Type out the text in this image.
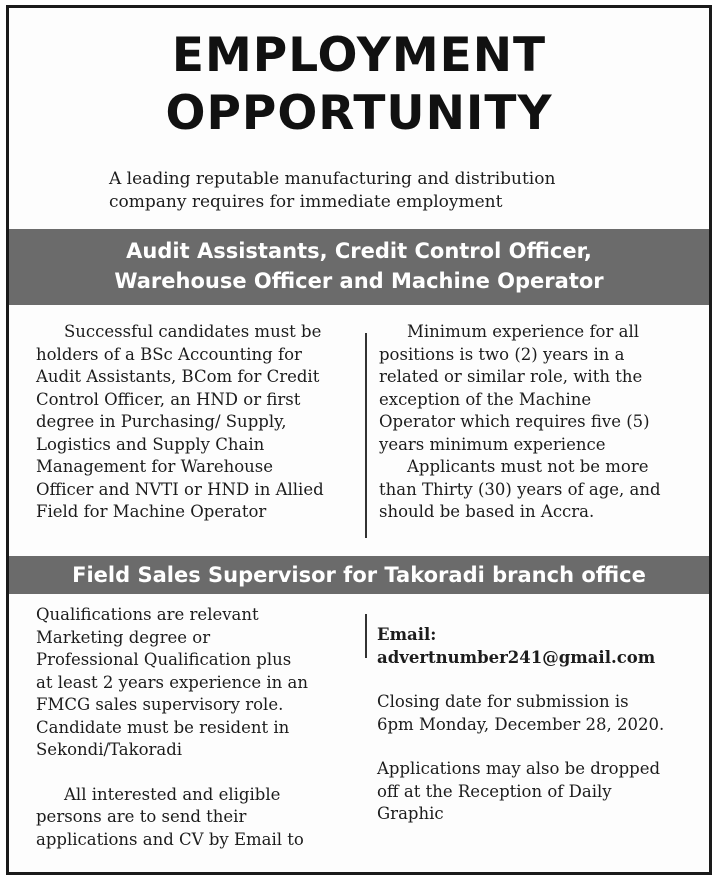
EMPLOYMENT
OPPORTUNITY
A leading reputable manufacturing and distribution
company requires for immediate employment
Audit Assistants, Credit Control Officer,
Warehouse Officer and Machine Operator
Successful candidates must be
holders of a BSc Accounting for
Audit Assistants, BCom for Credit
Control Officer, an HND or first
degree in Purchasing/ Supply,
Logistics and Supply Chain
Management for Warehouse
Officer and NVTI or HND in Allied
Field for Machine Operator
Minimum experience for all
positions is two (2) years in a
related or similar role, with the
exception of the Machine
Operator which requires five (5)
years minimum experience
Applicants must not be more
than Thirty (30) years of age, and
should be based in Accra.
Field Sales Supervisor for Takoradi branch office
Qualifications are relevant
Marketing degree or
Professional Qualification plus
at least 2 years experience in an
FMCG sales supervisory role.
Candidate must be resident in
Sekondi/Takoradi
All interested and eligible
persons are to send their
applications and CV by Email to
Email:
advertnumber241@gmail.com
Closing date for submission is
6pm Monday, December 28, 2020.
Applications may also be dropped
off at the Reception of Daily
Graphic
